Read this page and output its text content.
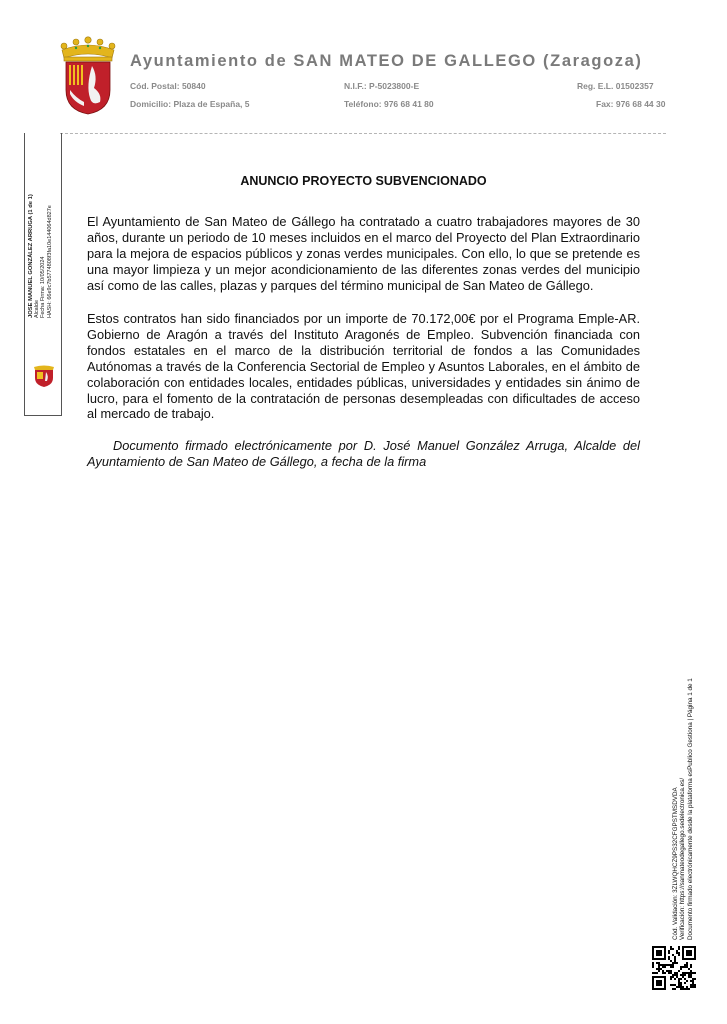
Ayuntamiento de SAN MATEO DE GALLEGO (Zaragoza)
Cód. Postal: 50840	N.I.F.: P-5023800-E	Reg. E.L. 01502357
Domicilio: Plaza de España, 5	Teléfono: 976 68 41 80	Fax: 976 68 44 30
JOSE MANUEL GONZÁLEZ ARRUGA (1 de 1) Alcalde Fecha Firma: 10/05/2024 HASH: 66e9c7b5774808f3fa10e144064d827e
ANUNCIO PROYECTO SUBVENCIONADO
El Ayuntamiento de San Mateo de Gállego ha contratado a cuatro trabajadores mayores de 30 años, durante un periodo de 10 meses incluidos en el marco del Proyecto del Plan Extraordinario para la mejora de espacios públicos y zonas verdes municipales. Con ello, lo que se pretende es una mayor limpieza y un mejor acondicionamiento de las diferentes zonas verdes del municipio así como de las calles, plazas y parques del término municipal de San Mateo de Gállego.
Estos contratos han sido financiados por un importe de 70.172,00€ por el Programa Emple-AR. Gobierno de Aragón a través del Instituto Aragonés de Empleo. Subvención financiada con fondos estatales en el marco de la distribución territorial de fondos a las Comunidades Autónomas a través de la Conferencia Sectorial de Empleo y Asuntos Laborales, en el ámbito de colaboración con entidades locales, entidades públicas, universidades y entidades sin ánimo de lucro, para el fomento de la contratación de personas desempleadas con dificultades de acceso al mercado de trabajo.
Documento firmado electrónicamente por D. José Manuel González Arruga, Alcalde del Ayuntamiento de San Mateo de Gállego, a fecha de la firma
Cód. Validación: 3ZLWQHCZ9PS32CFGPSTMSDVDA Verificación: https://sanmateodegallego.sedelectronica.es/ Documento firmado electrónicamente desde la plataforma esPublico Gestiona | Página 1 de 1
